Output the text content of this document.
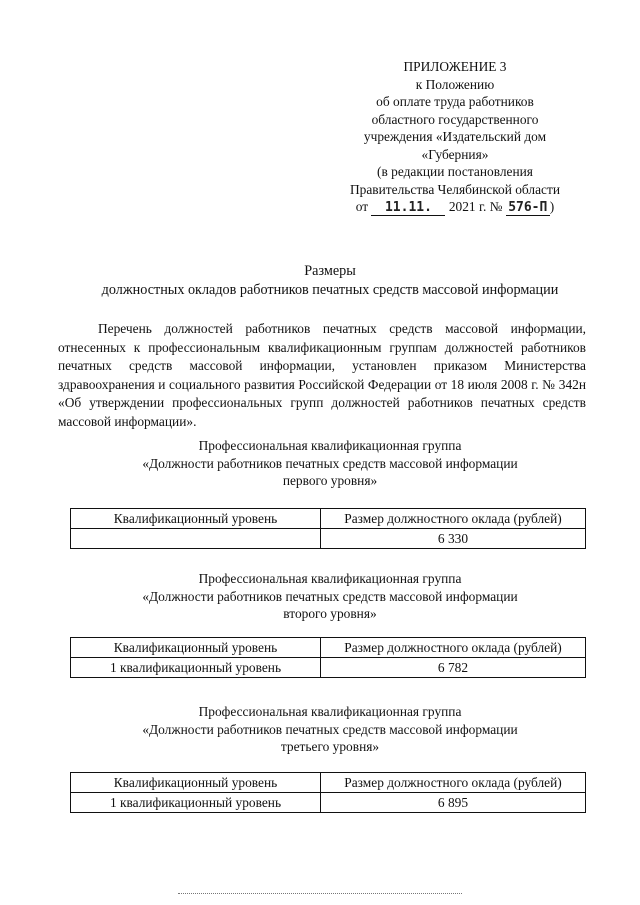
ПРИЛОЖЕНИЕ 3
к Положению
об оплате труда работников
областного государственного
учреждения «Издательский дом
«Губерния»
(в редакции постановления
Правительства Челябинской области
от 11.11. 2021 г. № 576-П )
Размеры
должностных окладов работников печатных средств массовой информации

Перечень должностей работников печатных средств массовой информации, отнесенных к профессиональным квалификационным группам должностей работников печатных средств массовой информации, установлен приказом Министерства здравоохранения и социального развития Российской Федерации от 18 июля 2008 г. № 342н «Об утверждении профессиональных групп должностей работников печатных средств массовой информации».

Профессиональная квалификационная группа
«Должности работников печатных средств массовой информации
первого уровня»
Квалификационный уровень	Размер должностного оклада (рублей)
	6 330
Профессиональная квалификационная группа
«Должности работников печатных средств массовой информации
второго уровня»
Квалификационный уровень	Размер должностного оклада (рублей)
1 квалификационный уровень	6 782
Профессиональная квалификационная группа
«Должности работников печатных средств массовой информации
третьего уровня»
Квалификационный уровень	Размер должностного оклада (рублей)
1 квалификационный уровень	6 895
